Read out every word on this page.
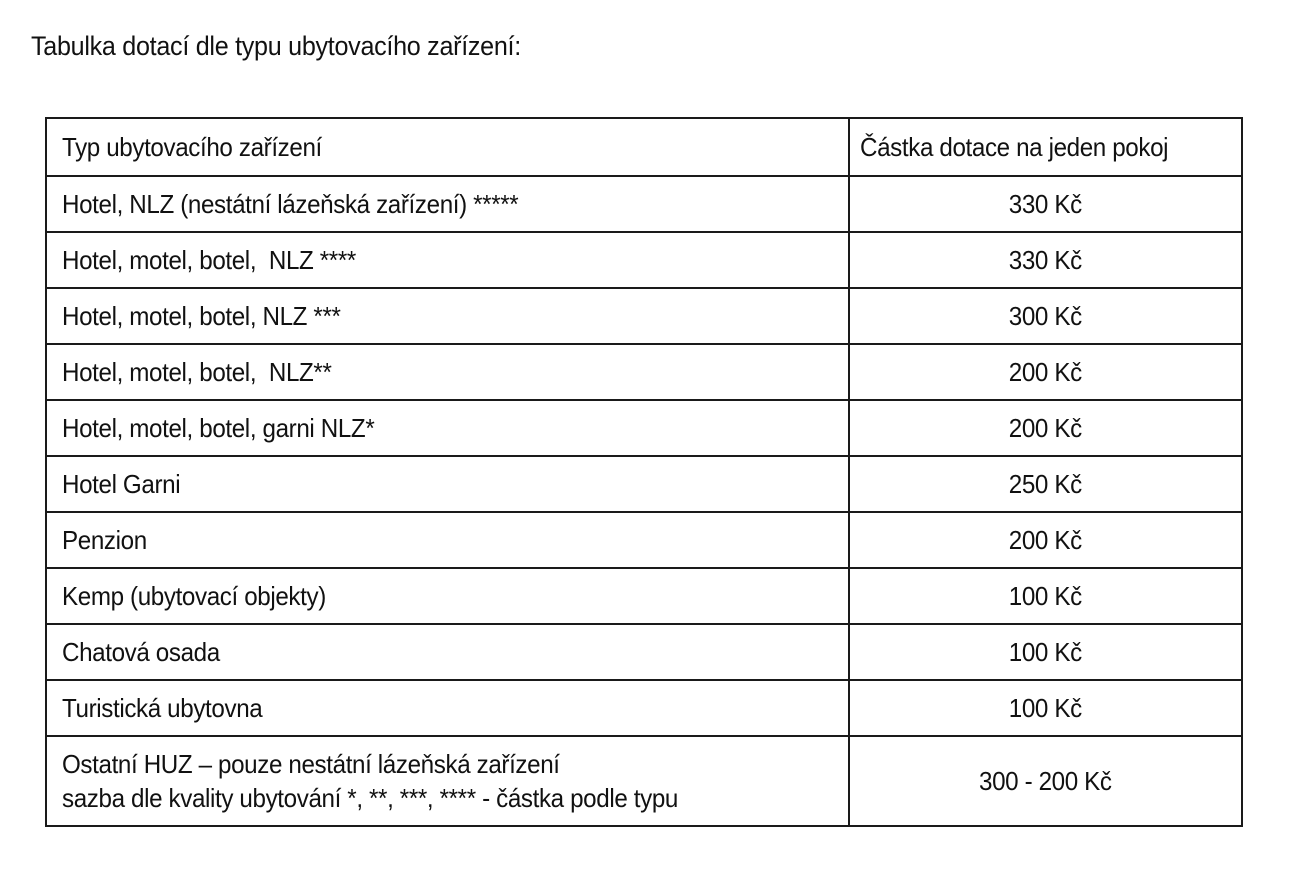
Tabulka dotací dle typu ubytovacího zařízení:
Typ ubytovacího zařízení	Částka dotace na jeden pokoj
Hotel, NLZ (nestátní lázeňská zařízení) *****	330 Kč
Hotel, motel, botel,  NLZ ****	330 Kč
Hotel, motel, botel, NLZ ***	300 Kč
Hotel, motel, botel,  NLZ**	200 Kč
Hotel, motel, botel, garni NLZ*	200 Kč
Hotel Garni	250 Kč
Penzion	200 Kč
Kemp (ubytovací objekty)	100 Kč
Chatová osada	100 Kč
Turistická ubytovna	100 Kč

Ostatní HUZ – pouze nestátní lázeňská zařízení
sazba dle kvality ubytování *, **, ***, **** - částka podle typu	300 - 200 Kč
